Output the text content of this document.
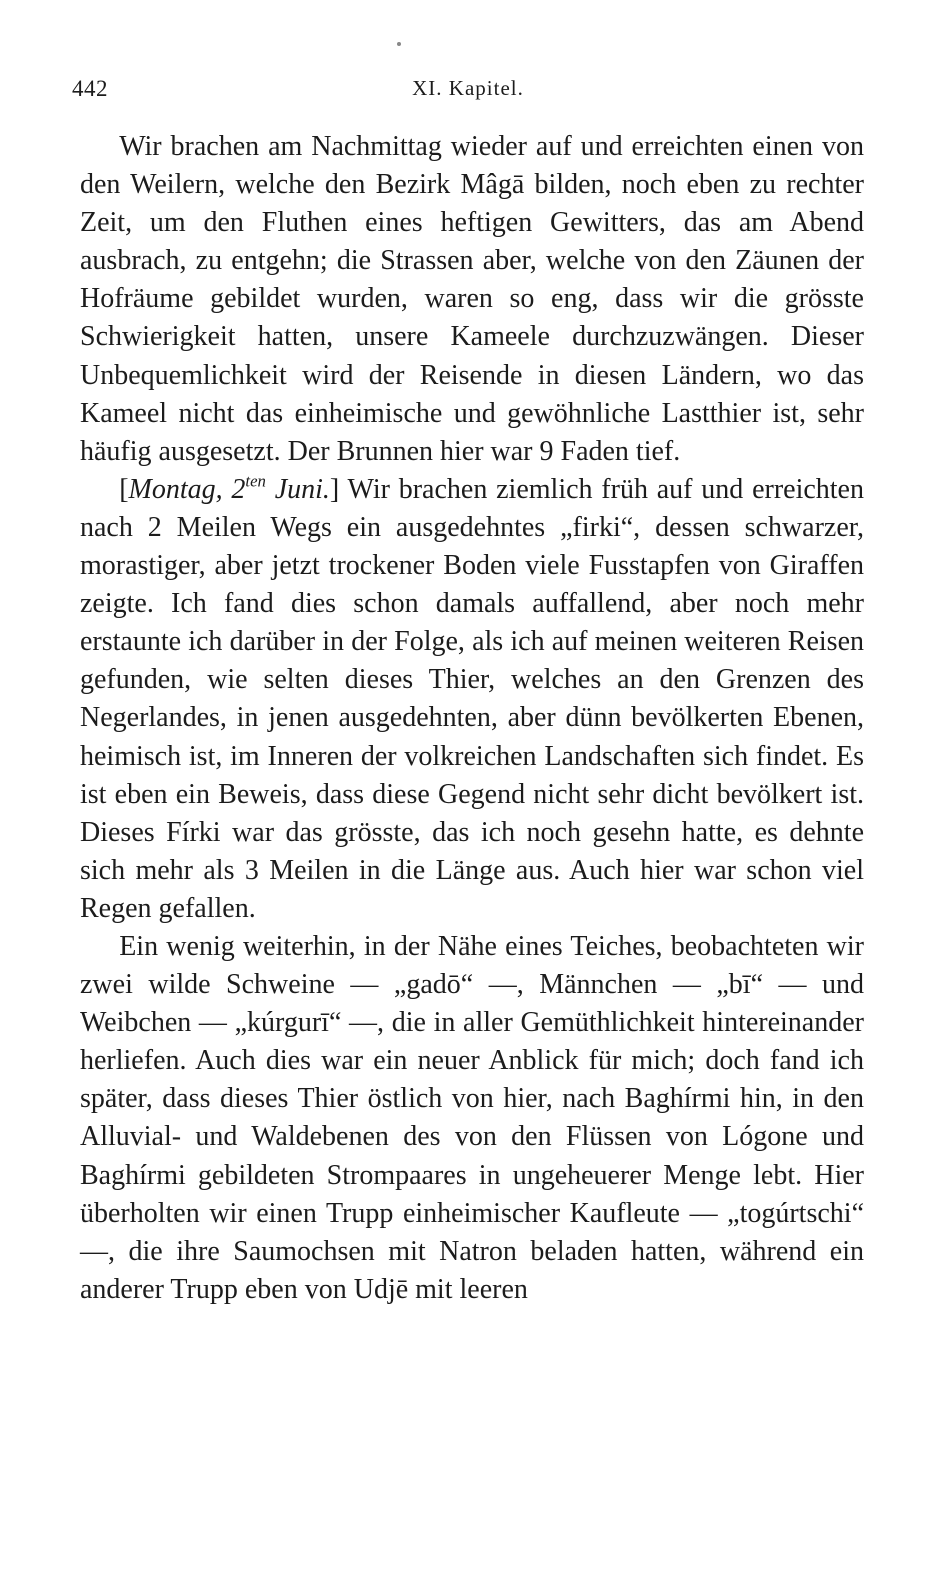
442	XI. Kapitel.

Wir brachen am Nachmittag wieder auf und erreichten einen von den Weilern, welche den Bezirk Mâgā bilden, noch eben zu rechter Zeit, um den Fluthen eines heftigen Gewitters, das am Abend ausbrach, zu entgehn; die Strassen aber, welche von den Zäunen der Hofräume gebildet wurden, waren so eng, dass wir die grösste Schwierigkeit hatten, unsere Kameele durchzuzwängen. Dieser Unbequemlichkeit wird der Reisende in diesen Ländern, wo das Kameel nicht das einheimische und gewöhnliche Lastthier ist, sehr häufig ausgesetzt. Der Brunnen hier war 9 Faden tief.

[Montag, $2^{ten}$ Juni.] Wir brachen ziemlich früh auf und erreichten nach 2 Meilen Wegs ein ausgedehntes „firki“, dessen schwarzer, morastiger, aber jetzt trockener Boden viele Fusstapfen von Giraffen zeigte. Ich fand dies schon damals auffallend, aber noch mehr erstaunte ich darüber in der Folge, als ich auf meinen weiteren Reisen gefunden, wie selten dieses Thier, welches an den Grenzen des Negerlandes, in jenen ausgedehnten, aber dünn bevölkerten Ebenen, heimisch ist, im Inneren der volkreichen Landschaften sich findet. Es ist eben ein Beweis, dass diese Gegend nicht sehr dicht bevölkert ist. Dieses Fírki war das grösste, das ich noch gesehn hatte, es dehnte sich mehr als 3 Meilen in die Länge aus. Auch hier war schon viel Regen gefallen.

Ein wenig weiterhin, in der Nähe eines Teiches, beobachteten wir zwei wilde Schweine — „gadō“ —, Männchen — „bī“ — und Weibchen — „kúrgurī“ —, die in aller Gemüthlichkeit hintereinander herliefen. Auch dies war ein neuer Anblick für mich; doch fand ich später, dass dieses Thier östlich von hier, nach Baghírmi hin, in den Alluvial- und Waldebenen des von den Flüssen von Lógone und Baghírmi gebildeten Strompaares in ungeheuerer Menge lebt. Hier überholten wir einen Trupp einheimischer Kaufleute — „togúrtschi“ —, die ihre Saumochsen mit Natron beladen hatten, während ein anderer Trupp eben von Udjē mit leeren
